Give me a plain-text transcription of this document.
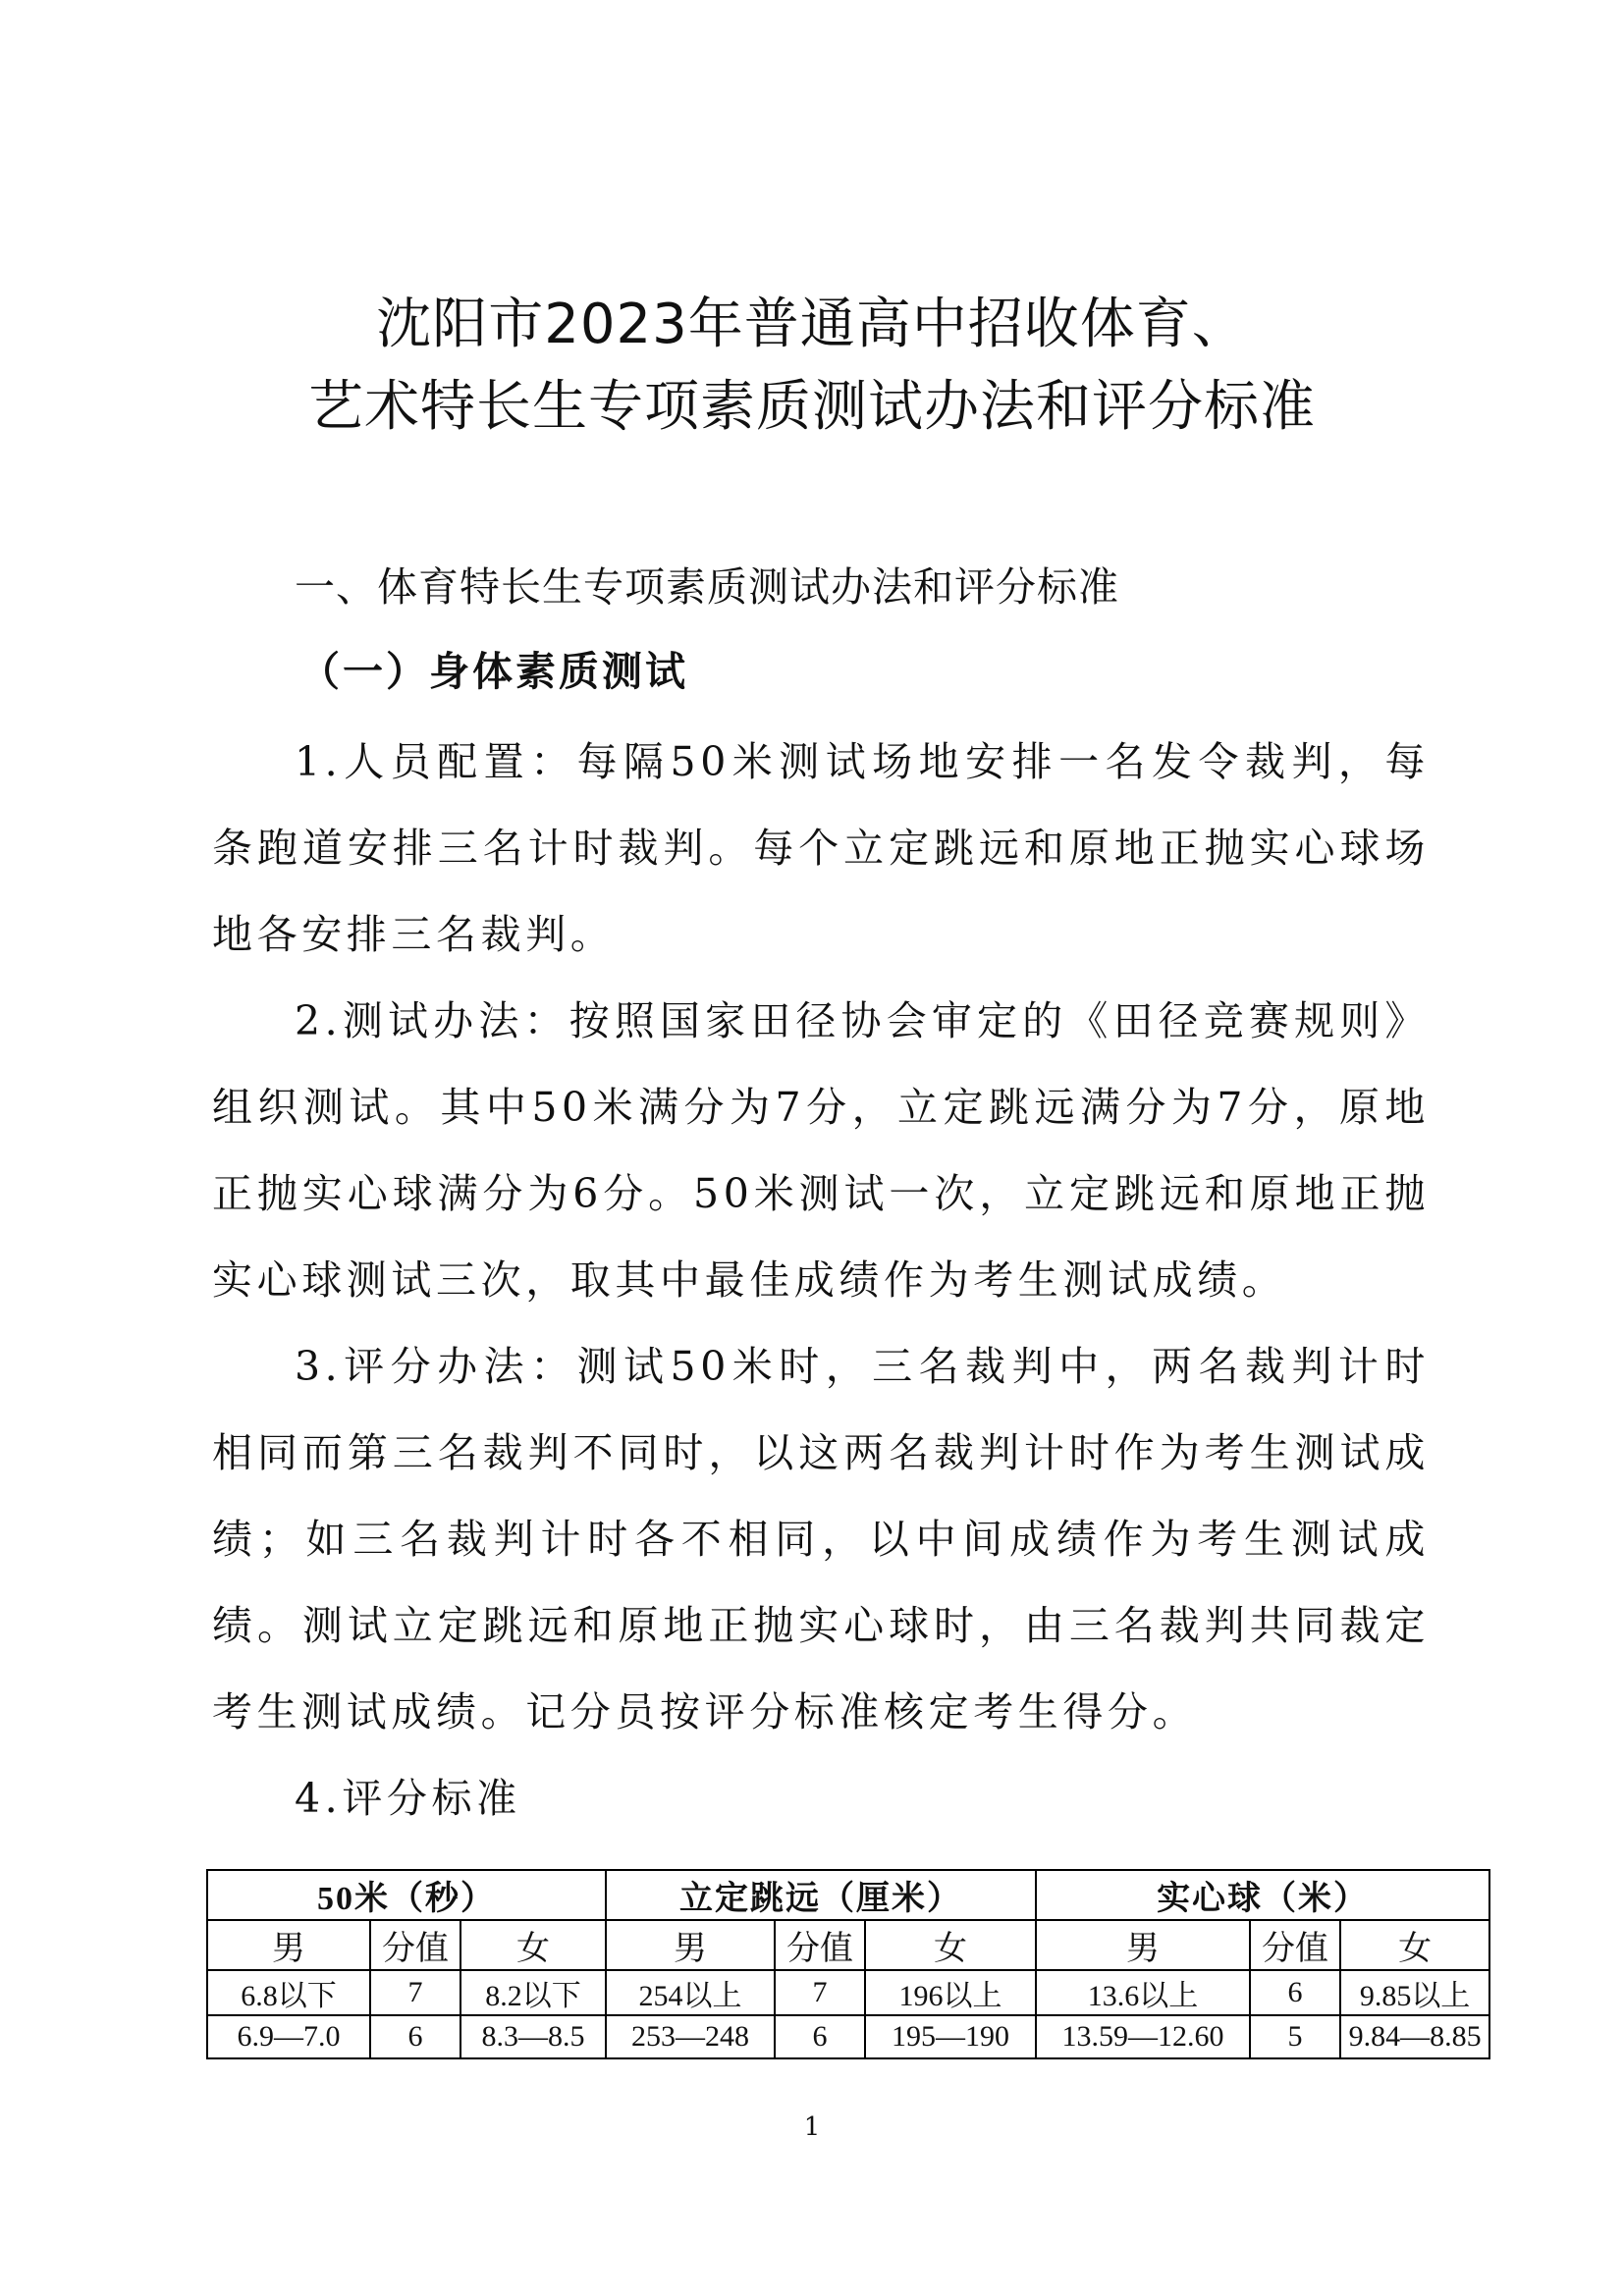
沈阳市2023年普通高中招收体育、
艺术特长生专项素质测试办法和评分标准
一、体育特长生专项素质测试办法和评分标准
（一）身体素质测试

1.人员配置：每隔50米测试场地安排一名发令裁判，每条跑道安排三名计时裁判。每个立定跳远和原地正抛实心球场地各安排三名裁判。

2.测试办法：按照国家田径协会审定的《田径竞赛规则》组织测试。其中50米满分为7分，立定跳远满分为7分，原地正抛实心球满分为6分。50米测试一次，立定跳远和原地正抛实心球测试三次，取其中最佳成绩作为考生测试成绩。

3.评分办法：测试50米时，三名裁判中，两名裁判计时相同而第三名裁判不同时，以这两名裁判计时作为考生测试成绩；如三名裁判计时各不相同，以中间成绩作为考生测试成绩。测试立定跳远和原地正抛实心球时，由三名裁判共同裁定考生测试成绩。记分员按评分标准核定考生得分。

4.评分标准

50米（秒）			立定跳远（厘米）			实心球（米）		
男	分值	女	男	分值	女	男	分值	女
6.8以下	7	8.2以下	254以上	7	196以上	13.6以上	6	9.85以上
6.9—7.0	6	8.3—8.5	253—248	6	195—190	13.59—12.60	5	9.84—8.85
1
